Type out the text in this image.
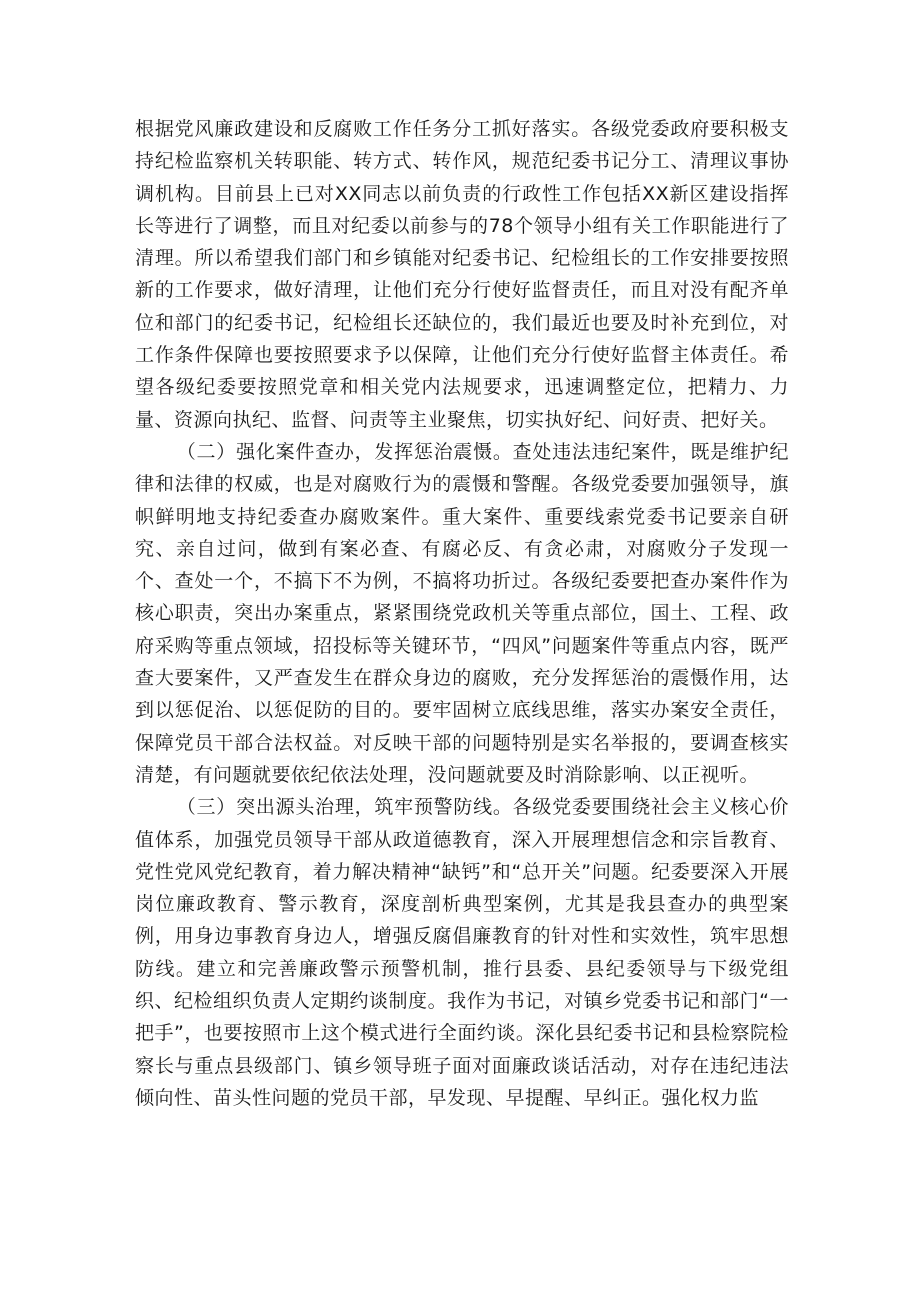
根据党风廉政建设和反腐败工作任务分工抓好落实。各级党委政府要积极支持纪检监察机关转职能、转方式、转作风，规范纪委书记分工、清理议事协调机构。目前县上已对XX同志以前负责的行政性工作包括XX新区建设指挥长等进行了调整，而且对纪委以前参与的78个领导小组有关工作职能进行了清理。所以希望我们部门和乡镇能对纪委书记、纪检组长的工作安排要按照新的工作要求，做好清理，让他们充分行使好监督责任，而且对没有配齐单位和部门的纪委书记，纪检组长还缺位的，我们最近也要及时补充到位，对工作条件保障也要按照要求予以保障，让他们充分行使好监督主体责任。希望各级纪委要按照党章和相关党内法规要求，迅速调整定位，把精力、力量、资源向执纪、监督、问责等主业聚焦，切实执好纪、问好责、把好关。

（二）强化案件查办，发挥惩治震慑。查处违法违纪案件，既是维护纪律和法律的权威，也是对腐败行为的震慑和警醒。各级党委要加强领导，旗帜鲜明地支持纪委查办腐败案件。重大案件、重要线索党委书记要亲自研究、亲自过问，做到有案必查、有腐必反、有贪必肃，对腐败分子发现一个、查处一个，不搞下不为例，不搞将功折过。各级纪委要把查办案件作为核心职责，突出办案重点，紧紧围绕党政机关等重点部位，国土、工程、政府采购等重点领域，招投标等关键环节，“四风”问题案件等重点内容，既严查大要案件，又严查发生在群众身边的腐败，充分发挥惩治的震慑作用，达到以惩促治、以惩促防的目的。要牢固树立底线思维，落实办案安全责任，保障党员干部合法权益。对反映干部的问题特别是实名举报的，要调查核实清楚，有问题就要依纪依法处理，没问题就要及时消除影响、以正视听。

（三）突出源头治理，筑牢预警防线。各级党委要围绕社会主义核心价值体系，加强党员领导干部从政道德教育，深入开展理想信念和宗旨教育、党性党风党纪教育，着力解决精神“缺钙”和“总开关”问题。纪委要深入开展岗位廉政教育、警示教育，深度剖析典型案例，尤其是我县查办的典型案例，用身边事教育身边人，增强反腐倡廉教育的针对性和实效性，筑牢思想防线。建立和完善廉政警示预警机制，推行县委、县纪委领导与下级党组织、纪检组织负责人定期约谈制度。我作为书记，对镇乡党委书记和部门“一把手”，也要按照市上这个模式进行全面约谈。深化县纪委书记和县检察院检察长与重点县级部门、镇乡领导班子面对面廉政谈话活动，对存在违纪违法倾向性、苗头性问题的党员干部，早发现、早提醒、早纠正。强化权力监
